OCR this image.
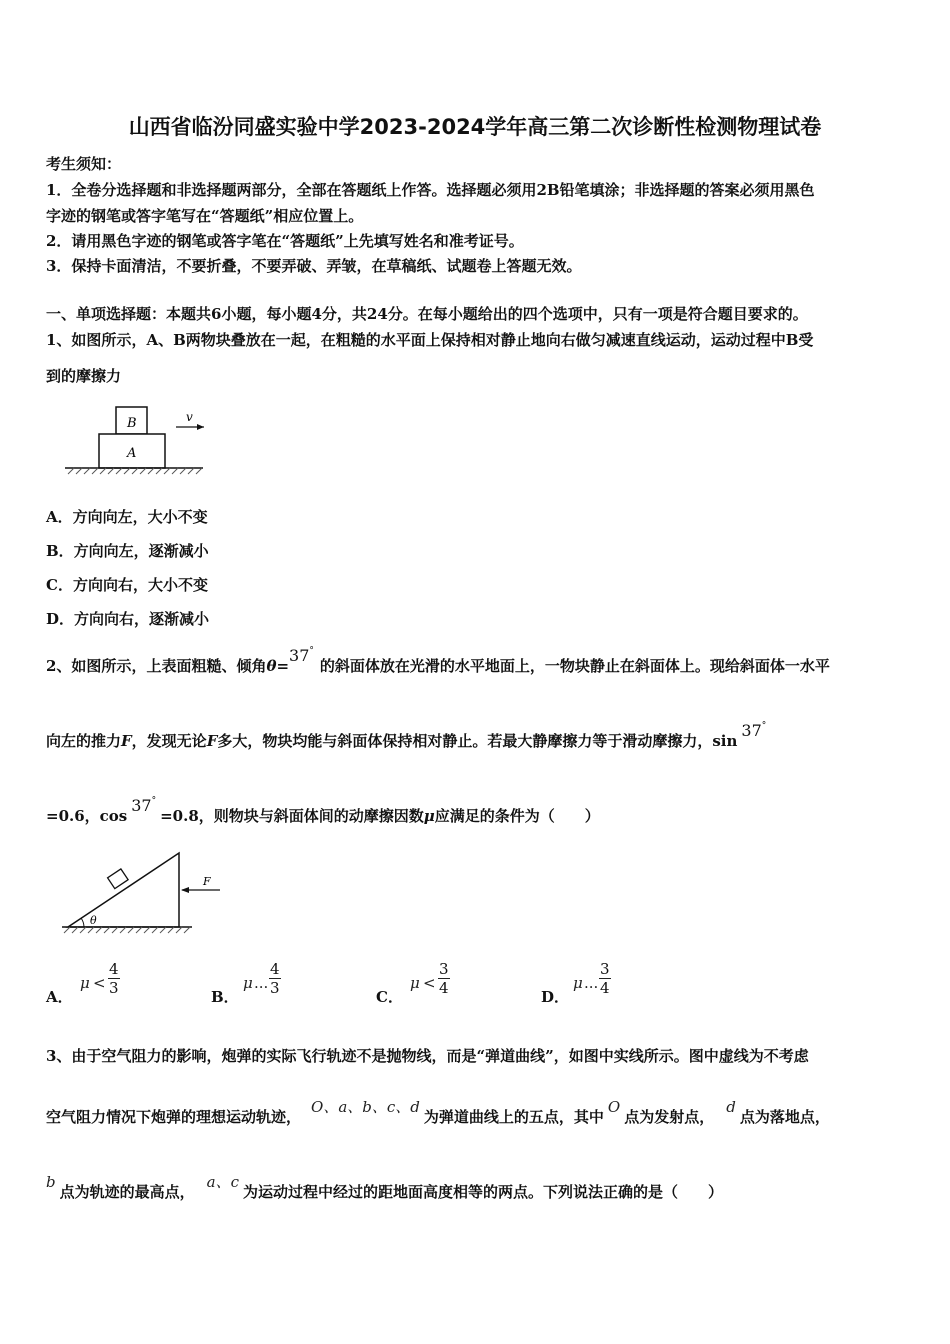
山西省临汾同盛实验中学2023-2024学年高三第二次诊断性检测物理试卷
考生须知：
1．全卷分选择题和非选择题两部分，全部在答题纸上作答。选择题必须用2B铅笔填涂；非选择题的答案必须用黑色
字迹的钢笔或答字笔写在“答题纸”相应位置上。
2．请用黑色字迹的钢笔或答字笔在“答题纸”上先填写姓名和准考证号。
3．保持卡面清洁，不要折叠，不要弄破、弄皱，在草稿纸、试题卷上答题无效。
一、单项选择题：本题共6小题，每小题4分，共24分。在每小题给出的四个选项中，只有一项是符合题目要求的。
1、如图所示，A、B两物块叠放在一起，在粗糙的水平面上保持相对静止地向右做匀减速直线运动，运动过程中B受
到的摩擦力
B
A
v
A．方向向左，大小不变
B．方向向左，逐渐减小
C．方向向右，大小不变
D．方向向右，逐渐减小
2、如图所示，上表面粗糙、倾角θ=37°的斜面体放在光滑的水平地面上，一物块静止在斜面体上。现给斜面体一水平
向左的推力F，发现无论F多大，物块均能与斜面体保持相对静止。若最大静摩擦力等于滑动摩擦力，sin37°
=0.6，cos37°=0.8，则物块与斜面体间的动摩擦因数μ应满足的条件为（　　）
θ
F
A．
$\mu < \frac{4}{3}$	B．
μ ... $\frac{4}{3}$	C．
$\mu < \frac{3}{4}$	D．
μ ... $\frac{3}{4}$
3、由于空气阻力的影响，炮弹的实际飞行轨迹不是抛物线，而是“弹道曲线”，如图中实线所示。图中虚线为不考虑
空气阻力情况下炮弹的理想运动轨迹，O、a、b、c、d为弹道曲线上的五点，其中O点为发射点，d点为落地点，
b点为轨迹的最高点，a、c为运动过程中经过的距地面高度相等的两点。下列说法正确的是（　　）
